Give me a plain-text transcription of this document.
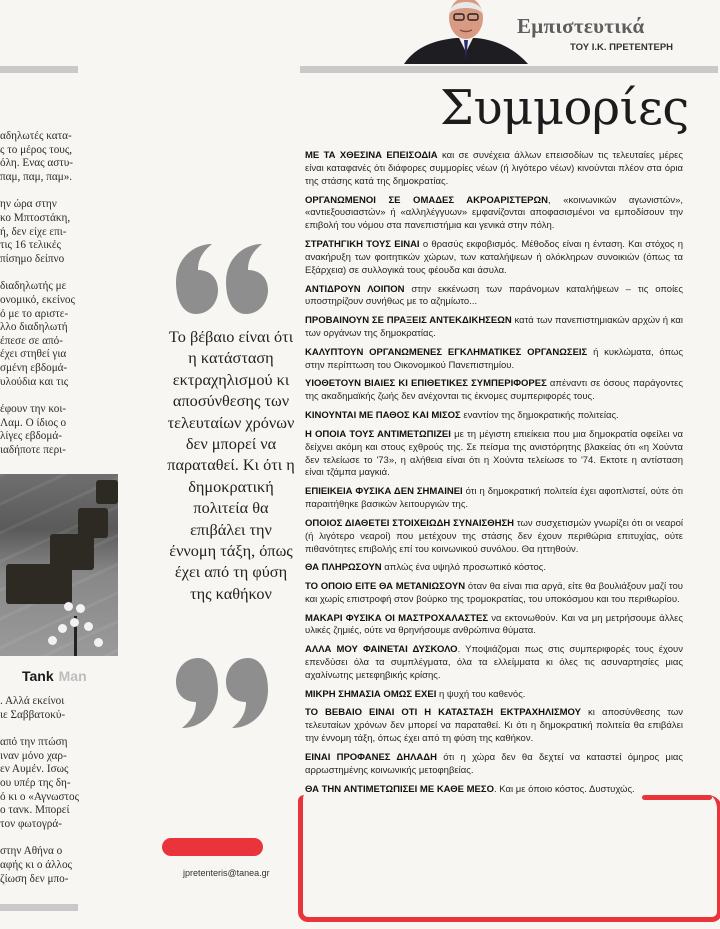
αδηλωτές κατα-
ς το μέρος τους,
όλη. Ενας αστυ-
παμ, παμ, παμ».
ην ώρα στην
κο Μπτοστάκη,
ή, δεν είχε επι-
τις 16 τελικές
πίσημο δείπνο
διαδηλωτής με
ονομικό, εκείνος
ό με το αριστε-
λλο διαδηλωτή
έπεσε σε από-
έχει στηθεί για
σμένη εβδομά-
υλούδια και τις
έφουν την κοι-
Λαμ. Ο ίδιος ο
λίγες εβδομά-
ιαδήποτε περι-
. Αλλά εκείνοι
ιε Σαββατοκύ-
από την πτώση
ιναν μόνο χαρ-
εν Αυμέν. Ισως
ου υπέρ της δη-
ό κι ο «Αγνωστος
ο τανκ. Μπορεί
τον φωτογρά-
στην Αθήνα ο
αφής κι ο άλλος
ζίωση δεν μπο-
Tank Man
Εμπιστευτικά
ΤΟΥ Ι.Κ. ΠΡΕΤΕΝΤΕΡΗ
Συμμορίες
Το βέβαιο είναι ότι η κατάσταση εκτραχηλισμού κι αποσύνθεσης των τελευταίων χρόνων δεν μπορεί να παραταθεί. Κι ότι η δημοκρατική πολιτεία θα επιβάλει την έννομη τάξη, όπως έχει από τη φύση της καθήκον
jpretenteris@tanea.gr

ΜΕ ΤΑ ΧΘΕΣΙΝΑ ΕΠΕΙΣΟΔΙΑ και σε συνέχεια άλλων επεισοδίων τις τελευταίες μέρες είναι καταφανές ότι διάφορες συμμορίες νέων (ή λιγότερο νέων) κινούνται πλέον στα όρια της στάσης κατά της δημοκρατίας.

ΟΡΓΑΝΩΜΕΝΟΙ ΣΕ ΟΜΑΔΕΣ ΑΚΡΟΑΡΙΣΤΕΡΩΝ, «κοινωνικών αγωνιστών», «αντιεξουσιαστών» ή «αλληλέγγυων» εμφανίζονται αποφασισμένοι να εμποδίσουν την επιβολή του νόμου στα πανεπιστήμια και γενικά στην πόλη.

ΣΤΡΑΤΗΓΙΚΗ ΤΟΥΣ ΕΙΝΑΙ ο θρασύς εκφοβισμός. Μέθοδος είναι η ένταση. Και στόχος η ανακήρυξη των φοιτητικών χώρων, των καταλήψεων ή ολόκληρων συνοικιών (όπως τα Εξάρχεια) σε συλλογικά τους φέουδα και άσυλα.

ΑΝΤΙΔΡΟΥΝ ΛΟΙΠΟΝ στην εκκένωση των παράνομων καταλήψεων – τις οποίες υποστηρίζουν συνήθως με το αζημίωτο...

ΠΡΟΒΑΙΝΟΥΝ ΣΕ ΠΡΑΞΕΙΣ ΑΝΤΕΚΔΙΚΗΣΕΩΝ κατά των πανεπιστημιακών αρχών ή και των οργάνων της δημοκρατίας.

ΚΑΛΥΠΤΟΥΝ ΟΡΓΑΝΩΜΕΝΕΣ ΕΓΚΛΗΜΑΤΙΚΕΣ ΟΡΓΑΝΩΣΕΙΣ ή κυκλώματα, όπως στην περίπτωση του Οικονομικού Πανεπιστημίου.

ΥΙΟΘΕΤΟΥΝ ΒΙΑΙΕΣ ΚΙ ΕΠΙΘΕΤΙΚΕΣ ΣΥΜΠΕΡΙΦΟΡΕΣ απέναντι σε όσους παράγοντες της ακαδημαϊκής ζωής δεν ανέχονται τις έκνομες συμπεριφορές τους.

ΚΙΝΟΥΝΤΑΙ ΜΕ ΠΑΘΟΣ ΚΑΙ ΜΙΣΟΣ εναντίον της δημοκρατικής πολιτείας.

Η ΟΠΟΙΑ ΤΟΥΣ ΑΝΤΙΜΕΤΩΠΙΖΕΙ με τη μέγιστη επιείκεια που μια δημοκρατία οφείλει να δείχνει ακόμη και στους εχθρούς της. Σε πείσμα της ανιστόρητης βλακείας ότι «η Χούντα δεν τελείωσε το '73», η αλήθεια είναι ότι η Χούντα τελείωσε το '74. Εκτοτε η αντίσταση είναι τζάμπα μαγκιά.

ΕΠΙΕΙΚΕΙΑ ΦΥΣΙΚΑ ΔΕΝ ΣΗΜΑΙΝΕΙ ότι η δημοκρατική πολιτεία έχει αφοπλιστεί, ούτε ότι παραιτήθηκε βασικών λειτουργιών της.

ΟΠΟΙΟΣ ΔΙΑΘΕΤΕΙ ΣΤΟΙΧΕΙΩΔΗ ΣΥΝΑΙΣΘΗΣΗ των συσχετισμών γνωρίζει ότι οι νεαροί (ή λιγότερο νεαροί) που μετέχουν της στάσης δεν έχουν περιθώρια επιτυχίας, ούτε πιθανότητες επιβολής επί του κοινωνικού συνόλου. Θα ηττηθούν.

ΘΑ ΠΛΗΡΩΣΟΥΝ απλώς ένα υψηλό προσωπικό κόστος.

ΤΟ ΟΠΟΙΟ ΕΙΤΕ ΘΑ ΜΕΤΑΝΙΩΣΟΥΝ όταν θα είναι πια αργά, είτε θα βουλιάξουν μαζί του και χωρίς επιστροφή στον βούρκο της τρομοκρατίας, του υποκόσμου και του περιθωρίου.

ΜΑΚΑΡΙ ΦΥΣΙΚΑ ΟΙ ΜΑΣΤΡΟΧΑΛΑΣΤΕΣ να εκτονωθούν. Και να μη μετρήσουμε άλλες υλικές ζημιές, ούτε να θρηνήσουμε ανθρώπινα θύματα.

ΑΛΛΑ ΜΟΥ ΦΑΙΝΕΤΑΙ ΔΥΣΚΟΛΟ. Υποψιάζομαι πως στις συμπεριφορές τους έχουν επενδύσει όλα τα συμπλέγματα, όλα τα ελλείμματα κι όλες τις ασυναρτησίες μιας αχαλίνωτης μετεφηβικής κρίσης.

ΜΙΚΡΗ ΣΗΜΑΣΙΑ ΟΜΩΣ ΕΧΕΙ η ψυχή του καθενός.

ΤΟ ΒΕΒΑΙΟ ΕΙΝΑΙ ΟΤΙ Η ΚΑΤΑΣΤΑΣΗ ΕΚΤΡΑΧΗΛΙΣΜΟΥ κι αποσύνθεσης των τελευταίων χρόνων δεν μπορεί να παραταθεί. Κι ότι η δημοκρατική πολιτεία θα επιβάλει την έννομη τάξη, όπως έχει από τη φύση της καθήκον.

ΕΙΝΑΙ ΠΡΟΦΑΝΕΣ ΔΗΛΑΔΗ ότι η χώρα δεν θα δεχτεί να καταστεί όμηρος μιας αρρωστημένης κοινωνικής μετοφηβείας.

ΘΑ ΤΗΝ ΑΝΤΙΜΕΤΩΠΙΣΕΙ ΜΕ ΚΑΘΕ ΜΕΣΟ. Και με όποιο κόστος. Δυστυχώς.
